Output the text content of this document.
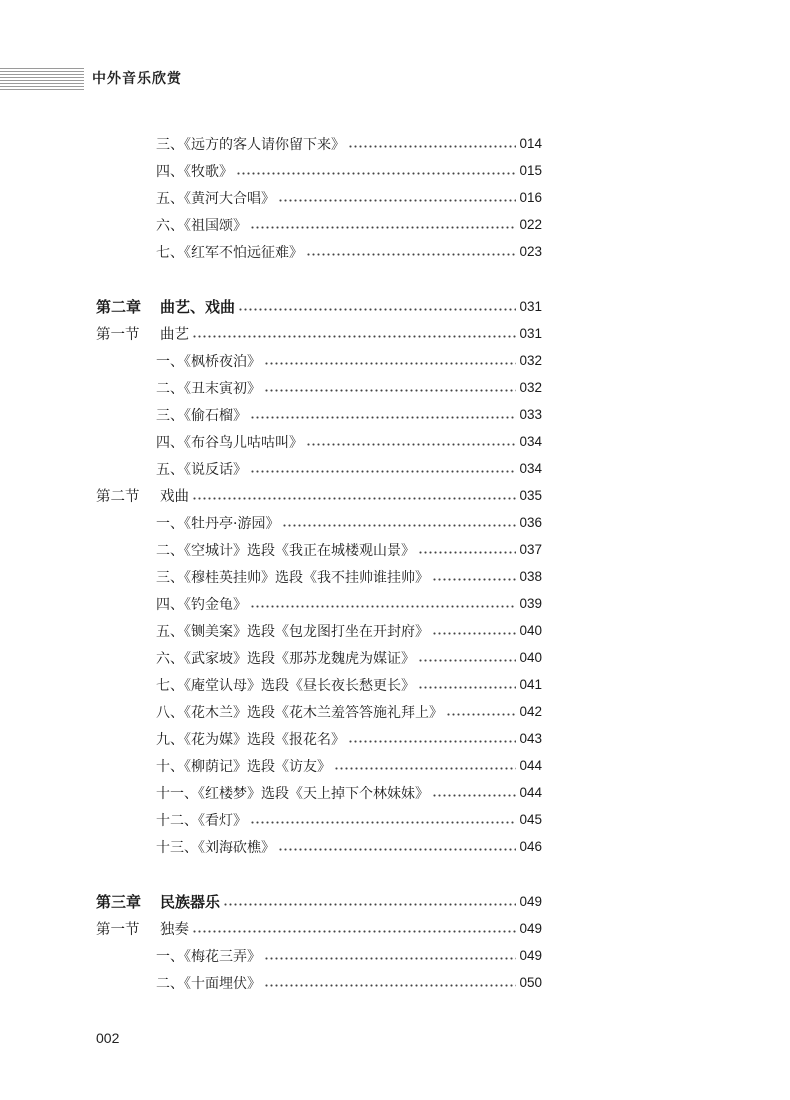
中外音乐欣赏
三、《远方的客人请你留下来》	014
四、《牧歌》	015
五、《黄河大合唱》	016
六、《祖国颂》	022
七、《红军不怕远征难》	023
第二章	曲艺、戏曲	031
第一节	曲艺	031
一、《枫桥夜泊》	032
二、《丑末寅初》	032
三、《偷石榴》	033
四、《布谷鸟儿咕咕叫》	034
五、《说反话》	034
第二节	戏曲	035
一、《牡丹亭·游园》	036
二、《空城计》选段《我正在城楼观山景》	037
三、《穆桂英挂帅》选段《我不挂帅谁挂帅》	038
四、《钓金龟》	039
五、《铡美案》选段《包龙图打坐在开封府》	040
六、《武家坡》选段《那苏龙魏虎为媒证》	040
七、《庵堂认母》选段《昼长夜长愁更长》	041
八、《花木兰》选段《花木兰羞答答施礼拜上》	042
九、《花为媒》选段《报花名》	043
十、《柳荫记》选段《访友》	044
十一、《红楼梦》选段《天上掉下个林妹妹》	044
十二、《看灯》	045
十三、《刘海砍樵》	046
第三章	民族器乐	049
第一节	独奏	049
一、《梅花三弄》	049
二、《十面埋伏》	050
002
